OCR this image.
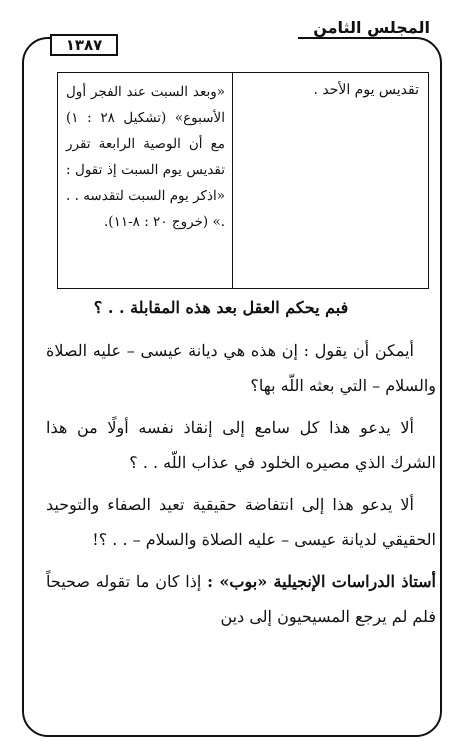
المجلس الثامن
١٣٨٧
تقديس يوم الأحد .
«وبعد السبت عند الفجر أول الأسبوع» (تشكيل ٢٨ : ١) مع أن الوصية الرابعة تقرر تقديس يوم السبت إذ تقول : «اذكر يوم السبت لتقدسه . . .» (خروج ٢٠ : ٨-١١).

فبم يحكم العقل بعد هذه المقابلة . . ؟

أيمكن أن يقول : إن هذه هي ديانة عيسى – عليه الصلاة والسلام – التي بعثه اللّه بها؟

ألا يدعو هذا كل سامع إلى إنقاذ نفسه أولًا من هذا الشرك الذي مصيره الخلود في عذاب اللّه . . ؟

ألا يدعو هذا إلى انتفاضة حقيقية تعيد الصفاء والتوحيد الحقيقي لديانة عيسى – عليه الصلاة والسلام – . . ؟!

أستاذ الدراسات الإنجيلية «بوب» : إذا كان ما تقوله صحيحاً فلم لم يرجع المسيحيون إلى دين
